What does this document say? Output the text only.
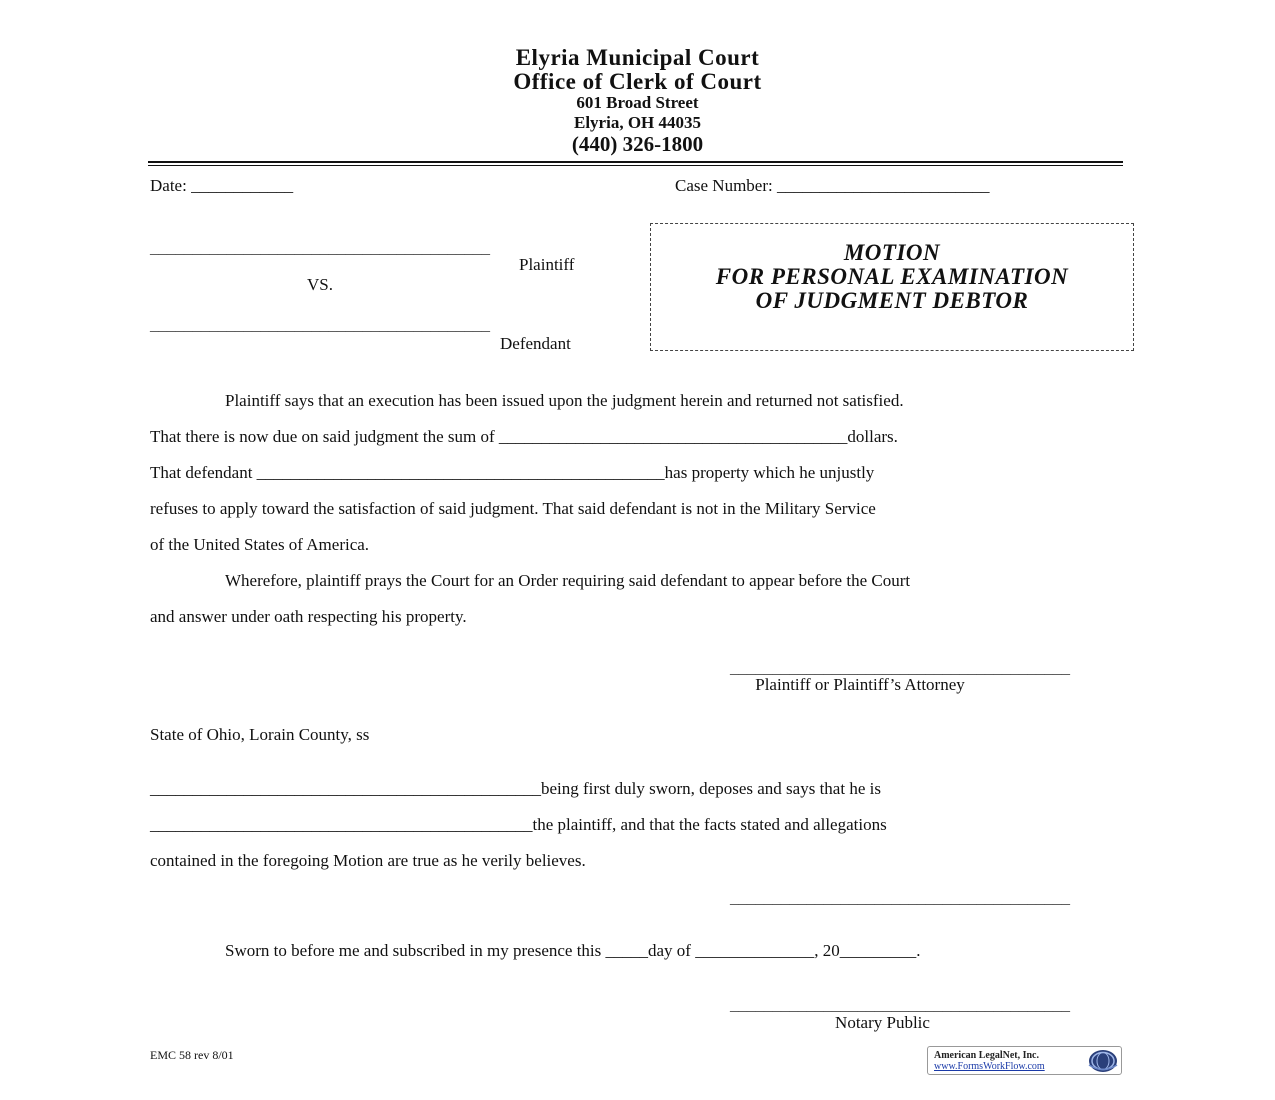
Elyria Municipal Court
Office of Clerk of Court
601 Broad Street
Elyria, OH 44035
(440) 326-1800
Date: ____________	Case Number: _________________________
________________________________________
Plaintiff
VS.
________________________________________
Defendant
MOTION
FOR PERSONAL EXAMINATION
OF JUDGMENT DEBTOR
Plaintiff says that an execution has been issued upon the judgment herein and returned not satisfied.
That there is now due on said judgment the sum of _________________________________________dollars.
That defendant ________________________________________________has property which he unjustly
refuses to apply toward the satisfaction of said judgment. That said defendant is not in the Military Service
of the United States of America.
Wherefore, plaintiff prays the Court for an Order requiring said defendant to appear before the Court
and answer under oath respecting his property.
________________________________________
Plaintiff or Plaintiff’s Attorney
State of Ohio, Lorain County, ss
______________________________________________being first duly sworn, deposes and says that he is
_____________________________________________the plaintiff, and that the facts stated and allegations
contained in the foregoing Motion are true as he verily believes.
________________________________________
Sworn to before me and subscribed in my presence this _____day of ______________, 20_________.
________________________________________
Notary Public
EMC 58 rev 8/01	American LegalNet, Inc.
www.FormsWorkFlow.com
